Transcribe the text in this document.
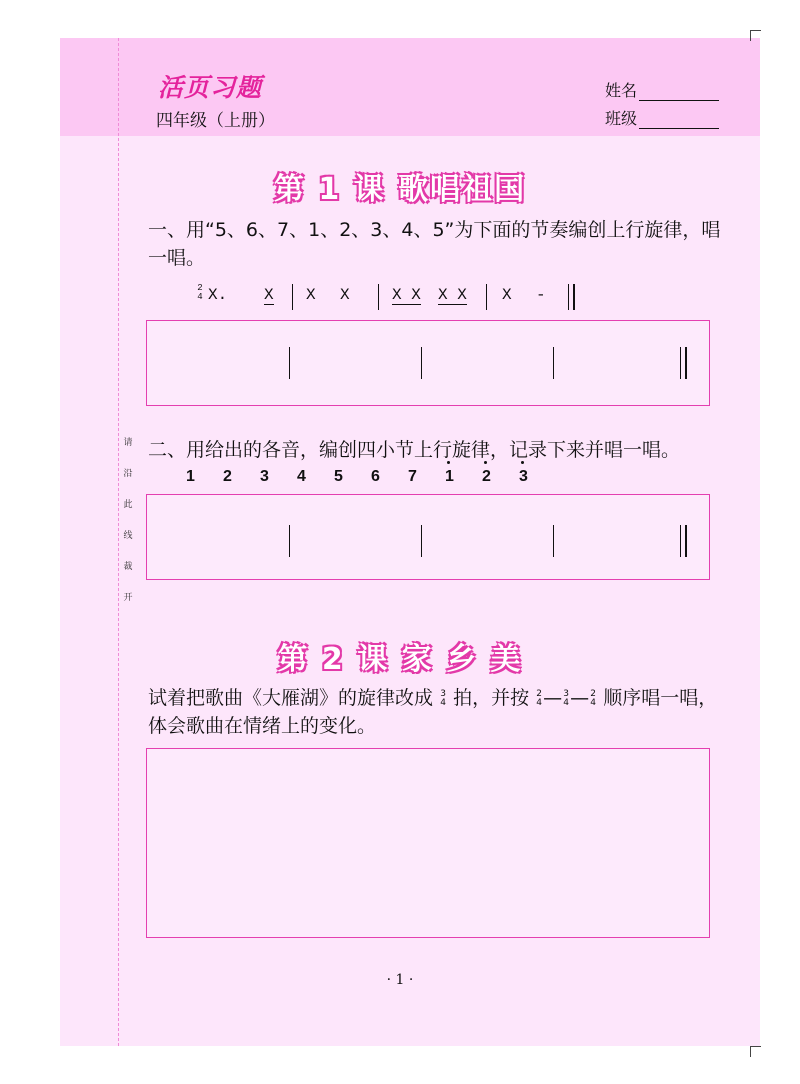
请
沿
此
线
裁
开
活页习题
四年级（上册）
姓名
班级
第 1 课 歌唱祖国
一、用“5、6、7、1、2、3、4、5”为下面的节奏编创上行旋律，唱一唱。
2
4 X. X X X	X X X X X -
二、用给出的各音，编创四小节上行旋律，记录下来并唱一唱。
1 2 3 4 5 6 7 1 2 3
第 2 课 家 乡 美
试着把歌曲《大雁湖》的旋律改成 3
4 拍，并按 2
4 — 3
4 — 2
4 顺序唱一唱，体会歌曲在情绪上的变化。
· 1 ·
